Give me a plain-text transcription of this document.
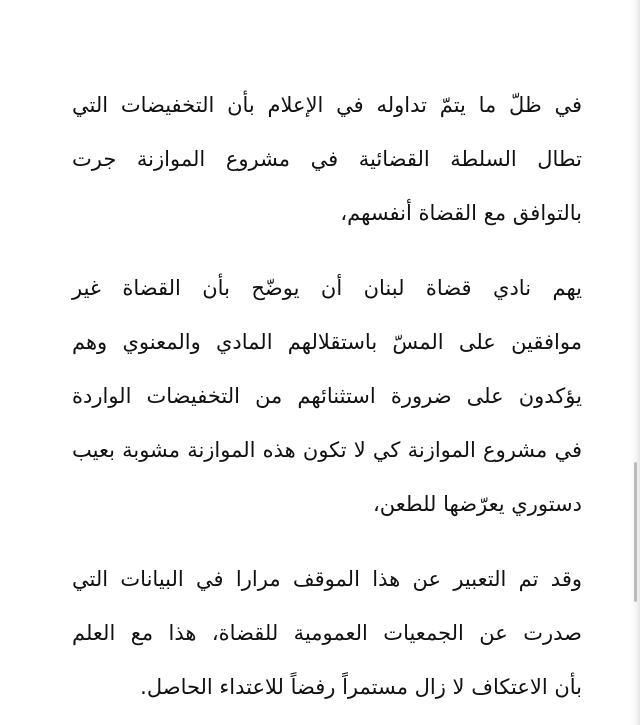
في ظلّ ما يتمّ تداوله في الإعلام بأن التخفيضات التي
تطال السلطة القضائية في مشروع الموازنة جرت
بالتوافق مع القضاة أنفسهم،

يهم نادي قضاة لبنان أن يوضّح بأن القضاة غير
موافقين على المسّ باستقلالهم المادي والمعنوي وهم
يؤكدون على ضرورة استثنائهم من التخفيضات الواردة
في مشروع الموازنة كي لا تكون هذه الموازنة مشوبة بعيب
دستوري يعرّضها للطعن،

وقد تم التعبير عن هذا الموقف مرارا في البيانات التي
صدرت عن الجمعيات العمومية للقضاة، هذا مع العلم
بأن الاعتكاف لا زال مستمراً رفضاً للاعتداء الحاصل.
